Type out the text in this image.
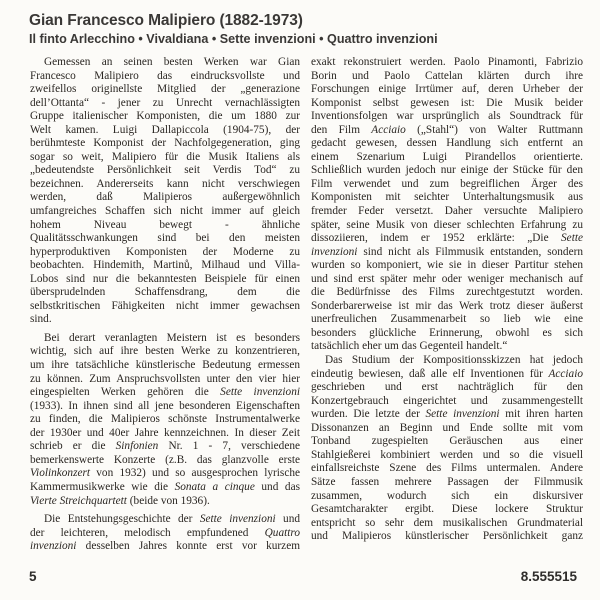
Gian Francesco Malipiero (1882-1973)
Il finto Arlecchino • Vivaldiana • Sette invenzioni • Quattro invenzioni
Gemessen an seinen besten Werken war Gian
Francesco Malipiero das eindrucksvollste und
zweifellos originellste Mitglied der „generazione
dell’Ottanta“ - jener zu Unrecht vernachlässigten
Gruppe italienischer Komponisten, die um 1880 zur
Welt kamen. Luigi Dallapiccola (1904-75), der
berühmteste Komponist der Nachfolgegeneration, ging
sogar so weit, Malipiero für die Musik Italiens als
„bedeutendste Persönlichkeit seit Verdis Tod“ zu
bezeichnen. Andererseits kann nicht verschwiegen
werden, daß Malipieros außergewöhnlich
umfangreiches Schaffen sich nicht immer auf gleich
hohem Niveau bewegt - ähnliche
Qualitätsschwankungen sind bei den meisten
hyperproduktiven Komponisten der Moderne zu
beobachten. Hindemith, Martinů, Milhaud und Villa-
Lobos sind nur die bekanntesten Beispiele für einen
übersprudelnden Schaffensdrang, dem die
selbstkritischen Fähigkeiten nicht immer gewachsen
sind.
Bei derart veranlagten Meistern ist es besonders
wichtig, sich auf ihre besten Werke zu konzentrieren,
um ihre tatsächliche künstlerische Bedeutung ermessen
zu können. Zum Anspruchsvollsten unter den vier hier
eingespielten Werken gehören die Sette invenzioni
(1933). In ihnen sind all jene besonderen Eigenschaften
zu finden, die Malipieros schönste Instrumentalwerke
der 1930er und 40er Jahre kennzeichnen. In dieser Zeit
schrieb er die Sinfonien Nr. 1 - 7, verschiedene
bemerkenswerte Konzerte (z.B. das glanzvolle erste
Violinkonzert von 1932) und so ausgesprochen lyrische
Kammermusikwerke wie die Sonata a cinque und das
Vierte Streichquartett (beide von 1936).
Die Entstehungsgeschichte der Sette invenzioni und
der leichteren, melodisch empfundened Quattro
invenzioni desselben Jahres konnte erst vor kurzem
exakt rekonstruiert werden. Paolo Pinamonti, Fabrizio
Borin und Paolo Cattelan klärten durch ihre
Forschungen einige Irrtümer auf, deren Urheber der
Komponist selbst gewesen ist: Die Musik beider
Inventionsfolgen war ursprünglich als Soundtrack für
den Film Acciaio („Stahl“) von Walter Ruttmann
gedacht gewesen, dessen Handlung sich entfernt an
einem Szenarium Luigi Pirandellos orientierte.
Schließlich wurden jedoch nur einige der Stücke für den
Film verwendet und zum begreiflichen Ärger des
Komponisten mit seichter Unterhaltungsmusik aus
fremder Feder versetzt. Daher versuchte Malipiero
später, seine Musik von dieser schlechten Erfahrung zu
dissoziieren, indem er 1952 erklärte: „Die Sette
invenzioni sind nicht als Filmmusik entstanden, sondern
wurden so komponiert, wie sie in dieser Partitur stehen
und sind erst später mehr oder weniger mechanisch auf
die Bedürfnisse des Films zurechtgestutzt worden.
Sonderbarerweise ist mir das Werk trotz dieser äußerst
unerfreulichen Zusammenarbeit so lieb wie eine
besonders glückliche Erinnerung, obwohl es sich
tatsächlich eher um das Gegenteil handelt.“
Das Studium der Kompositionsskizzen hat jedoch
eindeutig bewiesen, daß alle elf Inventionen für Acciaio
geschrieben und erst nachträglich für den
Konzertgebrauch eingerichtet und zusammengestellt
wurden. Die letzte der Sette invenzioni mit ihren harten
Dissonanzen an Beginn und Ende sollte mit vom
Tonband zugespielten Geräuschen aus einer
Stahlgießerei kombiniert werden und so die visuell
einfallsreichste Szene des Films untermalen. Andere
Sätze fassen mehrere Passagen der Filmmusik
zusammen, wodurch sich ein diskursiver
Gesamtcharakter ergibt. Diese lockere Struktur
entspricht so sehr dem musikalischen Grundmaterial
und Malipieros künstlerischer Persönlichkeit ganz
5	8.555515
